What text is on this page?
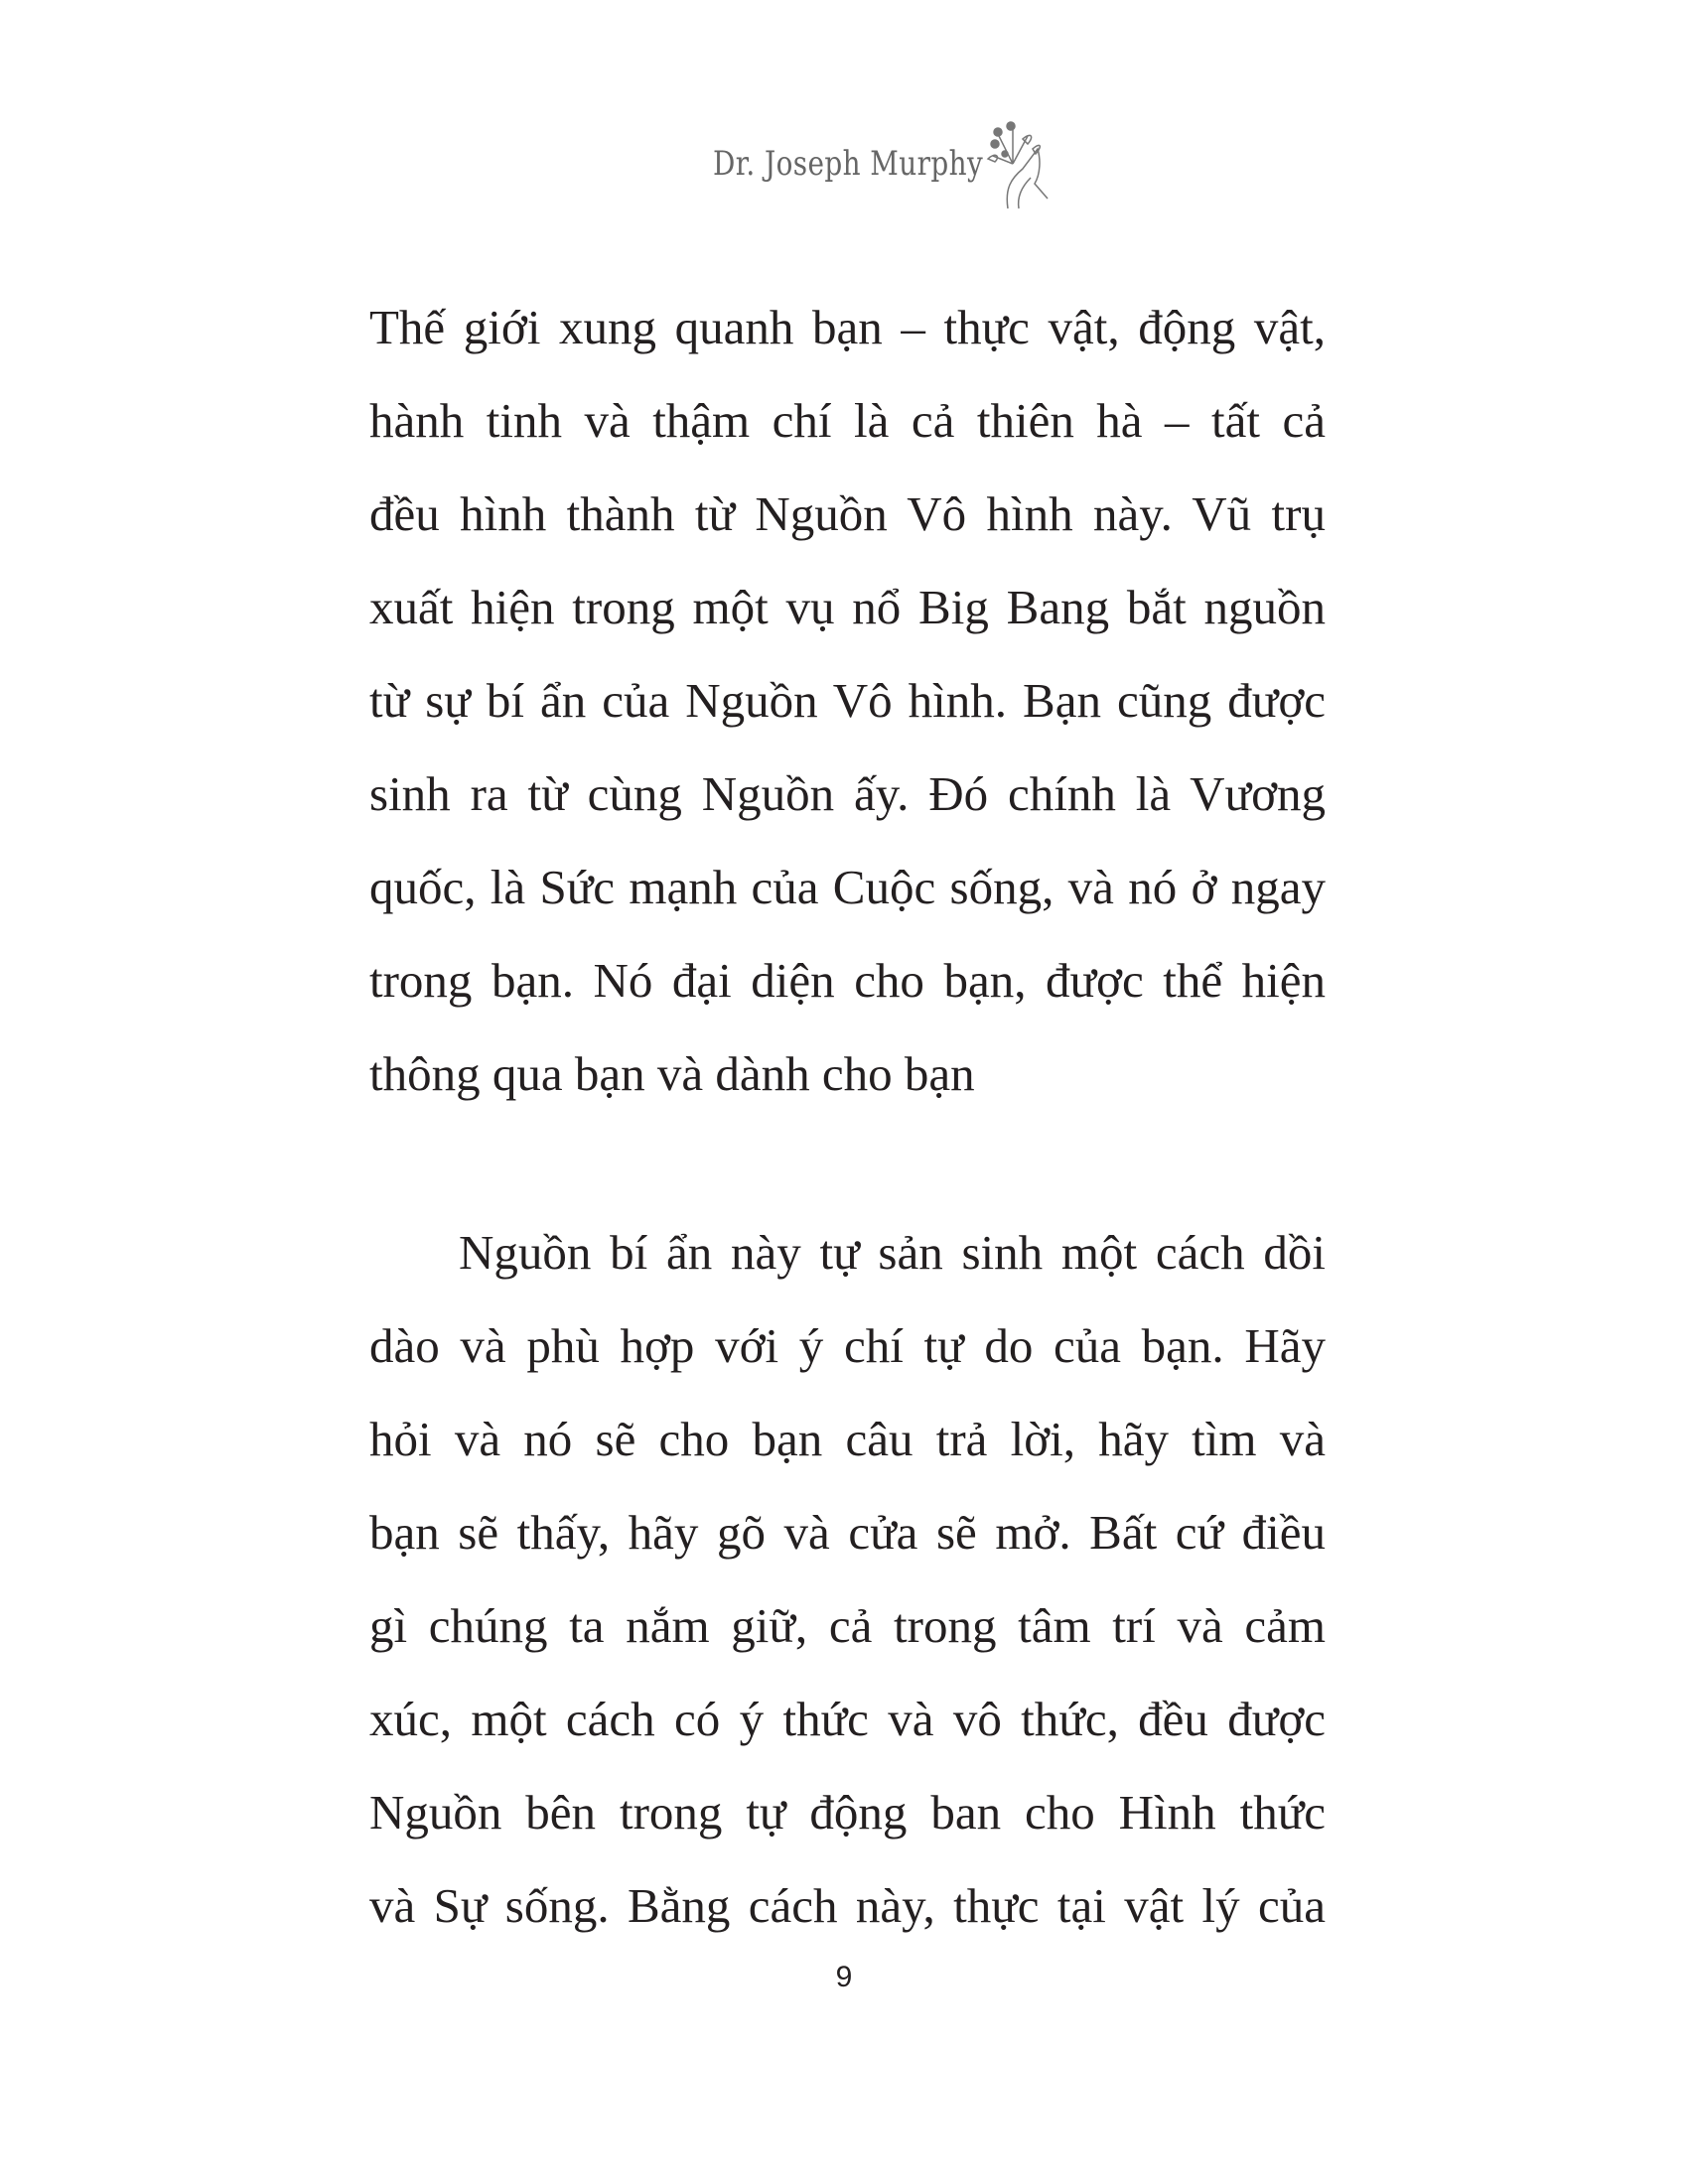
Dr. Joseph Murphy
Thế giới xung quanh bạn – thực vật, động vật,
hành tinh và thậm chí là cả thiên hà – tất cả
đều hình thành từ Nguồn Vô hình này. Vũ trụ
xuất hiện trong một vụ nổ Big Bang bắt nguồn
từ sự bí ẩn của Nguồn Vô hình. Bạn cũng được
sinh ra từ cùng Nguồn ấy. Đó chính là Vương
quốc, là Sức mạnh của Cuộc sống, và nó ở ngay
trong bạn. Nó đại diện cho bạn, được thể hiện
thông qua bạn và dành cho bạn
Nguồn bí ẩn này tự sản sinh một cách dồi
dào và phù hợp với ý chí tự do của bạn. Hãy
hỏi và nó sẽ cho bạn câu trả lời, hãy tìm và
bạn sẽ thấy, hãy gõ và cửa sẽ mở. Bất cứ điều
gì chúng ta nắm giữ, cả trong tâm trí và cảm
xúc, một cách có ý thức và vô thức, đều được
Nguồn bên trong tự động ban cho Hình thức
và Sự sống. Bằng cách này, thực tại vật lý của
9
